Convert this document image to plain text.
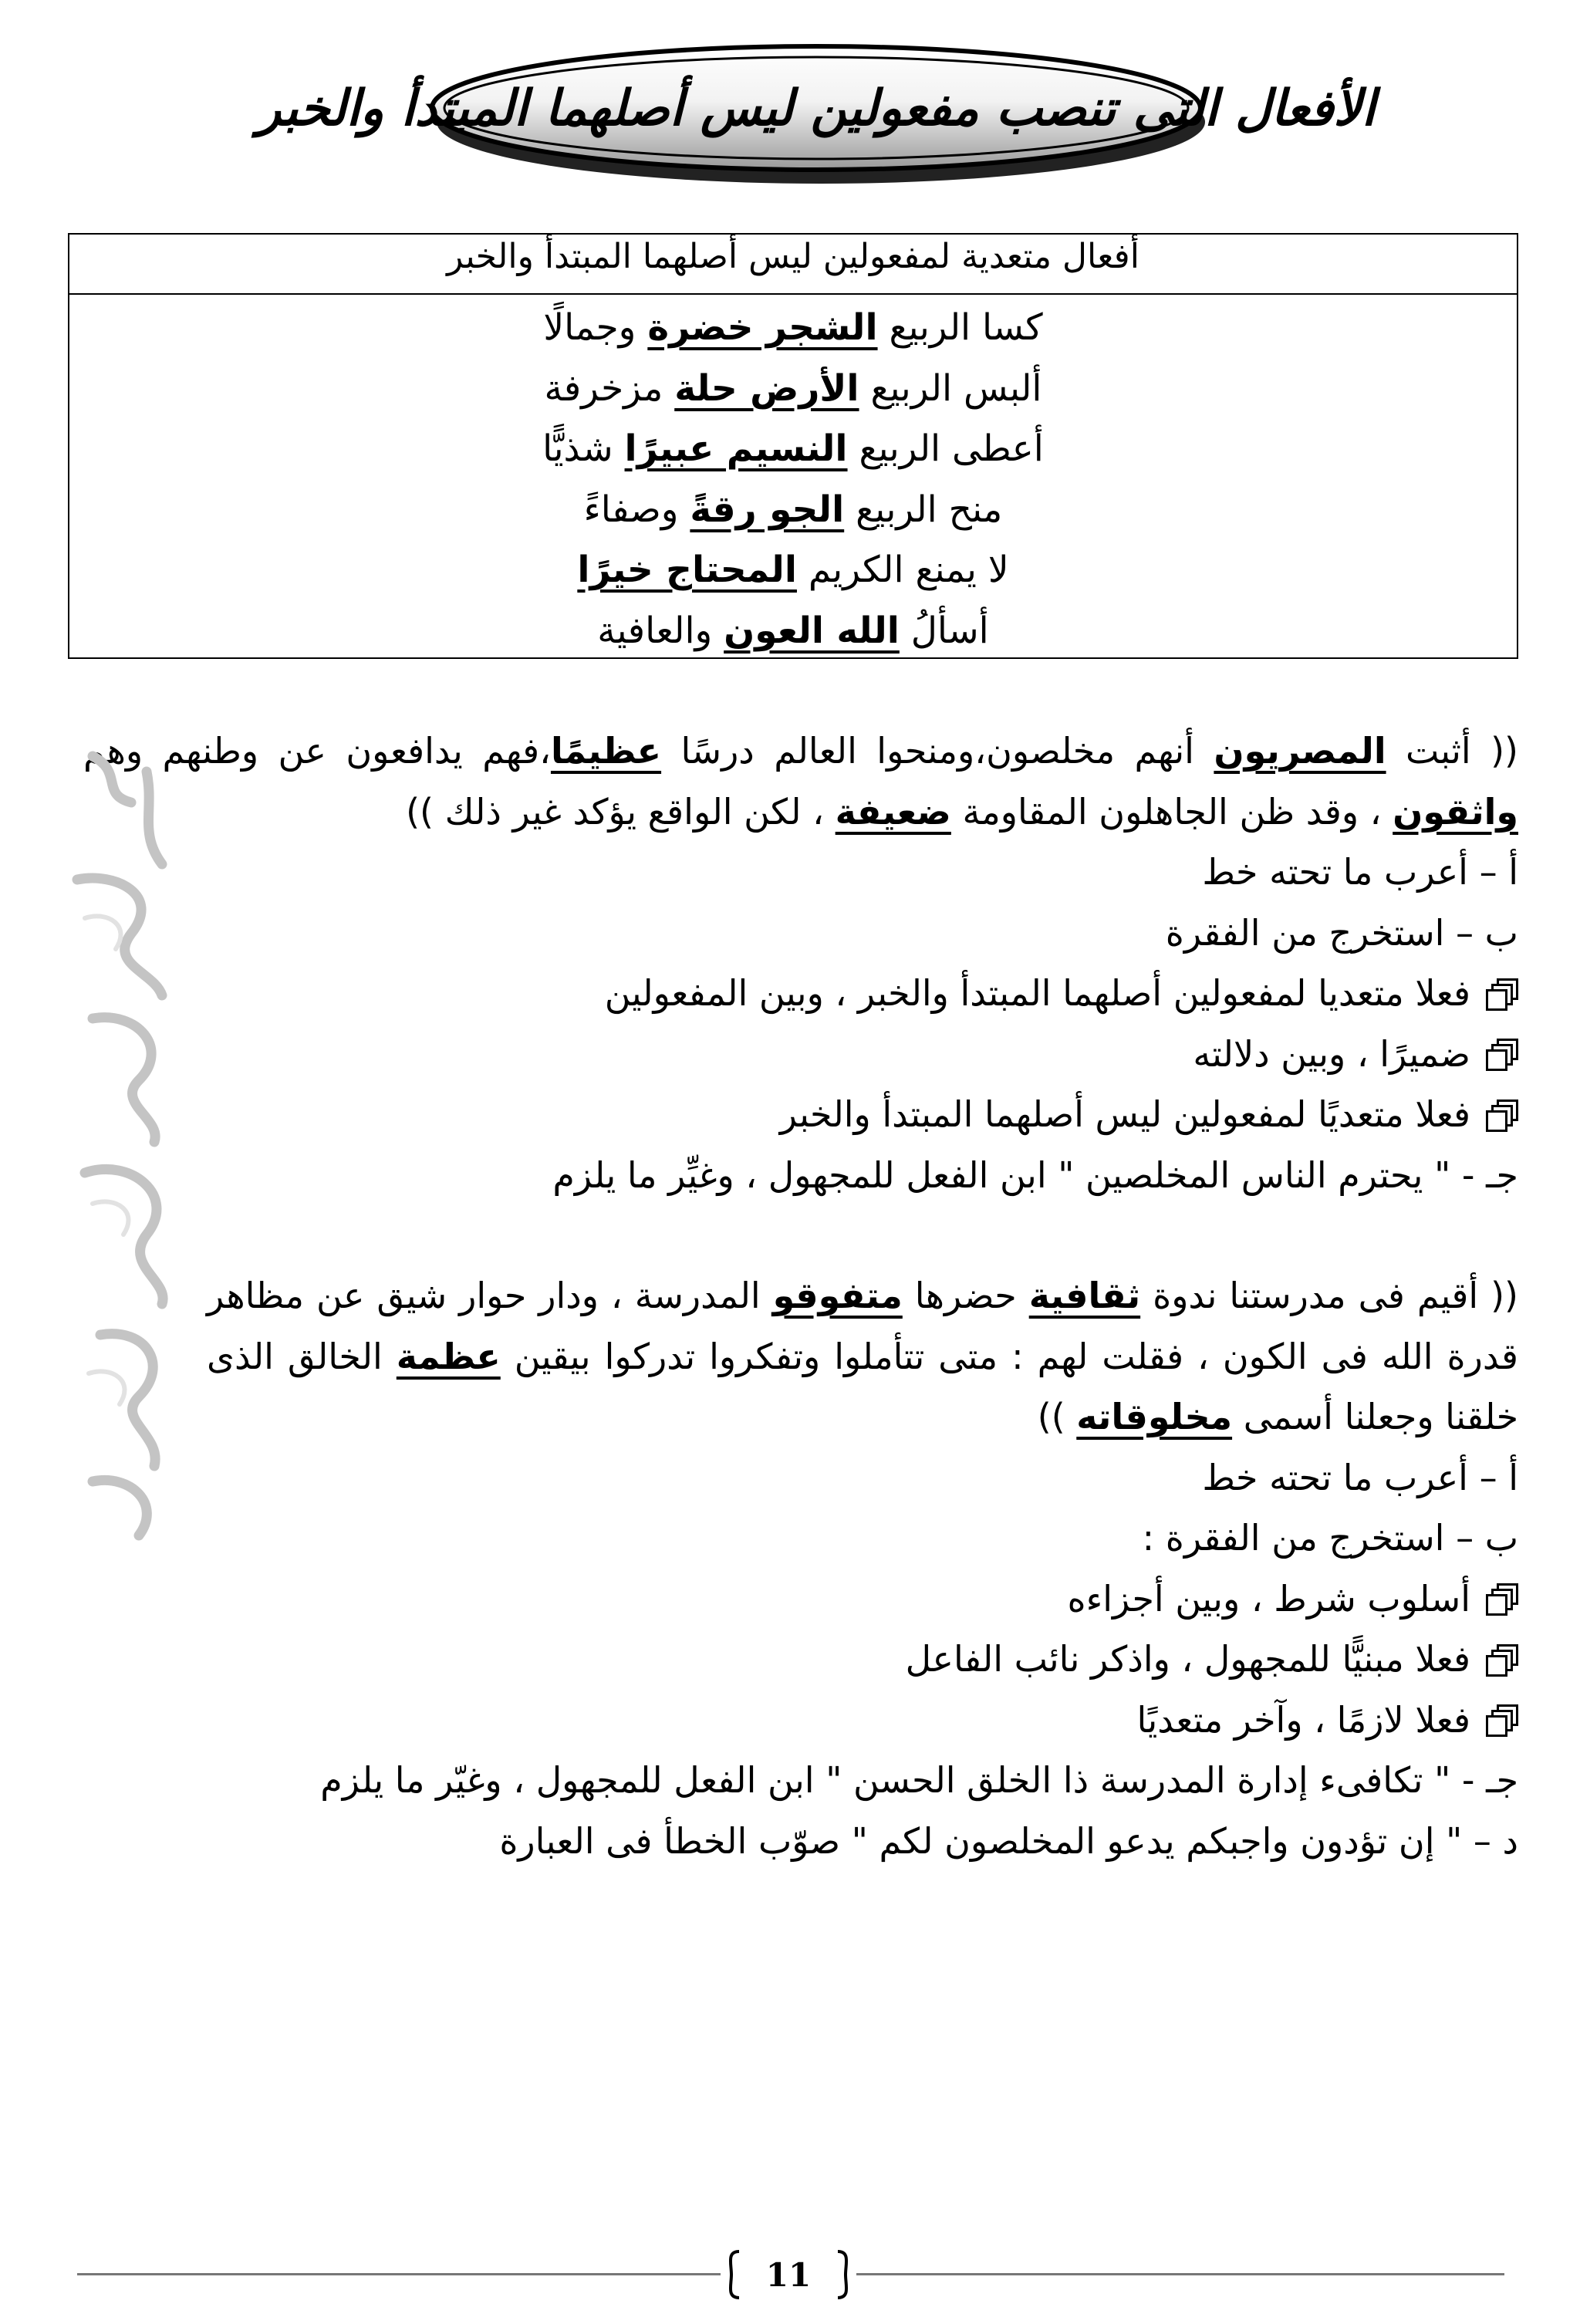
الأفعال التى تنصب مفعولين ليس أصلهما المبتدأ والخبر
أفعال متعدية لمفعولين ليس أصلهما المبتدأ والخبر
كسا الربيع الشجر خضرة وجمالًا
ألبس الربيع الأرض حلة مزخرفة
أعطى الربيع النسيم عبيرًا شذيًّا
منح الربيع الجو رقةً وصفاءً
لا يمنع الكريم المحتاج خيرًا
أسألُ الله العون والعافية
(( أثبت المصريون أنهم مخلصون،ومنحوا العالم درسًا عظيمًا،فهم يدافعون عن وطنهم وهم واثقون ، وقد ظن الجاهلون المقاومة ضعيفة ، لكن الواقع يؤكد غير ذلك ))
أ – أعرب ما تحته خط
ب – استخرج من الفقرة
فعلا متعديا لمفعولين أصلهما المبتدأ والخبر ، وبين المفعولين
ضميرًا ، وبين دلالته
فعلا متعديًا لمفعولين ليس أصلهما المبتدأ والخبر
جـ - " يحترم الناس المخلصين " ابن الفعل للمجهول ، وغيِّر ما يلزم
(( أقيم فى مدرستنا ندوة ثقافية حضرها متفوقو المدرسة ، ودار حوار شيق عن مظاهر قدرة الله فى الكون ، فقلت لهم : متى تتأملوا وتفكروا تدركوا بيقين عظمة الخالق الذى خلقنا وجعلنا أسمى مخلوقاته ))
أ – أعرب ما تحته خط
ب – استخرج من الفقرة :
أسلوب شرط ، وبين أجزاءه
فعلا مبنيًّا للمجهول ، واذكر نائب الفاعل
فعلا لازمًا ، وآخر متعديًا
جـ - " تكافىء إدارة المدرسة ذا الخلق الحسن " ابن الفعل للمجهول ، وغيّر ما يلزم
د – " إن تؤدون واجبكم يدعو المخلصون لكم " صوّب الخطأ فى العبارة
11
